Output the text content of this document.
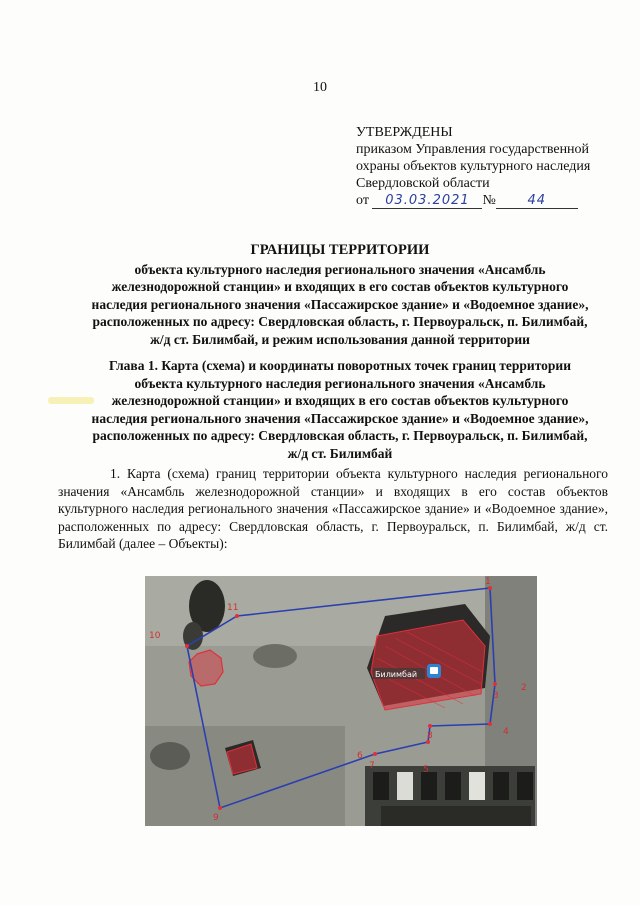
10
УТВЕРЖДЕНЫ
приказом Управления государственной
охраны объектов культурного наследия
Свердловской области
от 03.03.2021 № 44
ГРАНИЦЫ ТЕРРИТОРИИ
объекта культурного наследия регионального значения «Ансамбль
железнодорожной станции» и входящих в его состав объектов культурного
наследия регионального значения «Пассажирское здание» и «Водоемное здание»,
расположенных по адресу: Свердловская область, г. Первоуральск, п. Билимбай,
ж/д ст. Билимбай, и режим использования данной территории
Глава 1. Карта (схема) и координаты поворотных точек границ территории
объекта культурного наследия регионального значения «Ансамбль
железнодорожной станции» и входящих в его состав объектов культурного
наследия регионального значения «Пассажирское здание» и «Водоемное здание»,
расположенных по адресу: Свердловская область, г. Первоуральск, п. Билимбай,
ж/д ст. Билимбай
1. Карта (схема) границ территории объекта культурного наследия регионального значения «Ансамбль железнодорожной станции» и входящих в его состав объектов культурного наследия регионального значения «Пассажирское здание» и «Водоемное здание», расположенных по адресу: Свердловская область, г. Первоуральск, п. Билимбай, ж/д ст. Билимбай (далее – Объекты):
1
2
3
4
5
6
7
8
9
10
11
Билимбай
